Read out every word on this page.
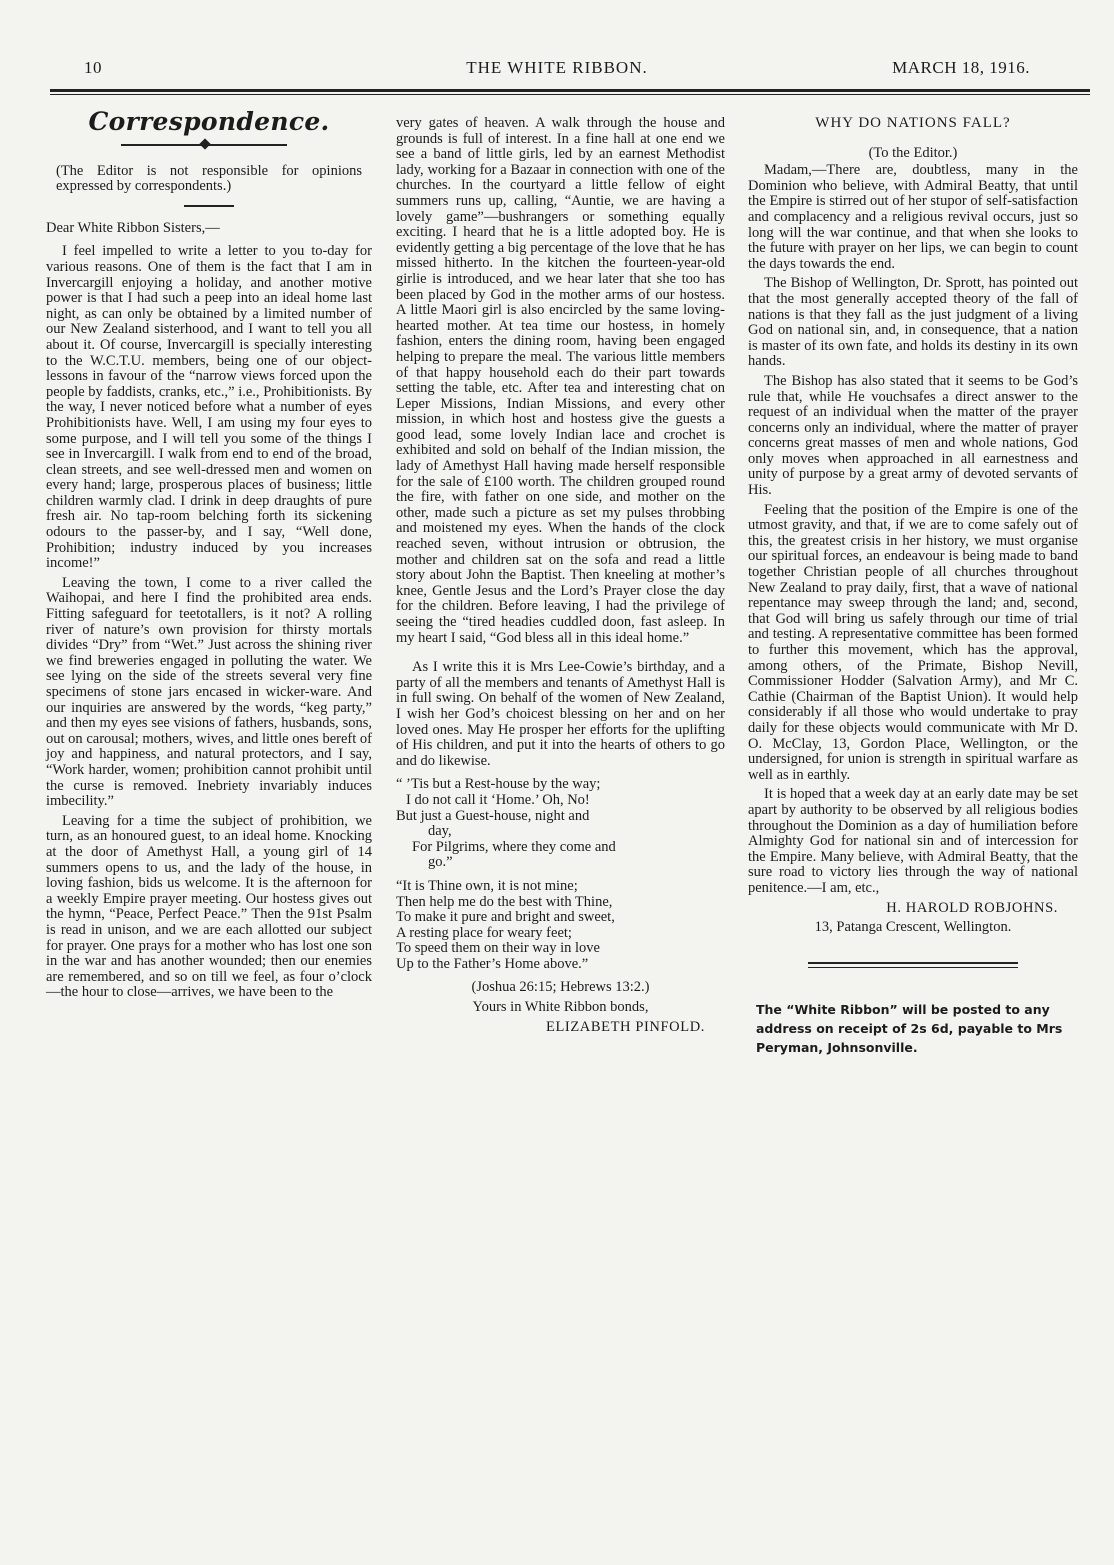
10	THE WHITE RIBBON.	MARCH 18, 1916.
Correspondence.

(The Editor is not responsible for opinions expressed by correspondents.)

Dear White Ribbon Sisters,—

I feel impelled to write a letter to you to-day for various reasons. One of them is the fact that I am in Invercargill enjoying a holiday, and another motive power is that I had such a peep into an ideal home last night, as can only be obtained by a limited number of our New Zealand sisterhood, and I want to tell you all about it. Of course, Invercargill is specially interesting to the W.C.T.U. members, being one of our object-lessons in favour of the “narrow views forced upon the people by faddists, cranks, etc.,” i.e., Prohibitionists. By the way, I never noticed before what a number of eyes Prohibitionists have. Well, I am using my four eyes to some purpose, and I will tell you some of the things I see in Invercargill. I walk from end to end of the broad, clean streets, and see well-dressed men and women on every hand; large, prosperous places of business; little children warmly clad. I drink in deep draughts of pure fresh air. No tap-room belching forth its sickening odours to the passer-by, and I say, “Well done, Prohibition; industry induced by you increases income!”

Leaving the town, I come to a river called the Waihopai, and here I find the prohibited area ends. Fitting safeguard for teetotallers, is it not? A rolling river of nature’s own provision for thirsty mortals divides “Dry” from “Wet.” Just across the shining river we find breweries engaged in polluting the water. We see lying on the side of the streets several very fine specimens of stone jars encased in wicker-ware. And our inquiries are answered by the words, “keg party,” and then my eyes see visions of fathers, husbands, sons, out on carousal; mothers, wives, and little ones bereft of joy and happiness, and natural protectors, and I say, “Work harder, women; prohibition cannot prohibit until the curse is removed. Inebriety invariably induces imbecility.”

Leaving for a time the subject of prohibition, we turn, as an honoured guest, to an ideal home. Knocking at the door of Amethyst Hall, a young girl of 14 summers opens to us, and the lady of the house, in loving fashion, bids us welcome. It is the afternoon for a weekly Empire prayer meeting. Our hostess gives out the hymn, “Peace, Perfect Peace.” Then the 91st Psalm is read in unison, and we are each allotted our subject for prayer. One prays for a mother who has lost one son in the war and has another wounded; then our enemies are remembered, and so on till we feel, as four o’clock—the hour to close—arrives, we have been to the

very gates of heaven. A walk through the house and grounds is full of interest. In a fine hall at one end we see a band of little girls, led by an earnest Methodist lady, working for a Bazaar in connection with one of the churches. In the courtyard a little fellow of eight summers runs up, calling, “Auntie, we are having a lovely game”—bushrangers or something equally exciting. I heard that he is a little adopted boy. He is evidently getting a big percentage of the love that he has missed hitherto. In the kitchen the fourteen-year-old girlie is introduced, and we hear later that she too has been placed by God in the mother arms of our hostess. A little Maori girl is also encircled by the same loving-hearted mother. At tea time our hostess, in homely fashion, enters the dining room, having been engaged helping to prepare the meal. The various little members of that happy household each do their part towards setting the table, etc. After tea and interesting chat on Leper Missions, Indian Missions, and every other mission, in which host and hostess give the guests a good lead, some lovely Indian lace and crochet is exhibited and sold on behalf of the Indian mission, the lady of Amethyst Hall having made herself responsible for the sale of £100 worth. The children grouped round the fire, with father on one side, and mother on the other, made such a picture as set my pulses throbbing and moistened my eyes. When the hands of the clock reached seven, without intrusion or obtrusion, the mother and children sat on the sofa and read a little story about John the Baptist. Then kneeling at mother’s knee, Gentle Jesus and the Lord’s Prayer close the day for the children. Before leaving, I had the privilege of seeing the “tired headies cuddled doon, fast asleep. In my heart I said, “God bless all in this ideal home.”

As I write this it is Mrs Lee-Cowie’s birthday, and a party of all the members and tenants of Amethyst Hall is in full swing. On behalf of the women of New Zealand, I wish her God’s choicest blessing on her and on her loved ones. May He prosper her efforts for the uplifting of His children, and put it into the hearts of others to go and do likewise.

“ ’Tis but a Rest-house by the way;
I do not call it ‘Home.’ Oh, No!
But just a Guest-house, night and
day,
For Pilgrims, where they come and
go.”
“It is Thine own, it is not mine;
Then help me do the best with Thine,
To make it pure and bright and sweet,
A resting place for weary feet;
To speed them on their way in love
Up to the Father’s Home above.”

(Joshua 26:15; Hebrews 13:2.)

Yours in White Ribbon bonds,

ELIZABETH PINFOLD.

WHY DO NATIONS FALL?
(To the Editor.)

Madam,—There are, doubtless, many in the Dominion who believe, with Admiral Beatty, that until the Empire is stirred out of her stupor of self-satisfaction and complacency and a religious revival occurs, just so long will the war continue, and that when she looks to the future with prayer on her lips, we can begin to count the days towards the end.

The Bishop of Wellington, Dr. Sprott, has pointed out that the most generally accepted theory of the fall of nations is that they fall as the just judgment of a living God on national sin, and, in consequence, that a nation is master of its own fate, and holds its destiny in its own hands.

The Bishop has also stated that it seems to be God’s rule that, while He vouchsafes a direct answer to the request of an individual when the matter of the prayer concerns only an individual, where the matter of prayer concerns great masses of men and whole nations, God only moves when approached in all earnestness and unity of purpose by a great army of devoted servants of His.

Feeling that the position of the Empire is one of the utmost gravity, and that, if we are to come safely out of this, the greatest crisis in her history, we must organise our spiritual forces, an endeavour is being made to band together Christian people of all churches throughout New Zealand to pray daily, first, that a wave of national repentance may sweep through the land; and, second, that God will bring us safely through our time of trial and testing. A representative committee has been formed to further this movement, which has the approval, among others, of the Primate, Bishop Nevill, Commissioner Hodder (Salvation Army), and Mr C. Cathie (Chairman of the Baptist Union). It would help considerably if all those who would undertake to pray daily for these objects would communicate with Mr D. O. McClay, 13, Gordon Place, Wellington, or the undersigned, for union is strength in spiritual warfare as well as in earthly.

It is hoped that a week day at an early date may be set apart by authority to be observed by all religious bodies throughout the Dominion as a day of humiliation before Almighty God for national sin and of intercession for the Empire. Many believe, with Admiral Beatty, that the sure road to victory lies through the way of national penitence.—I am, etc.,

H. HAROLD ROBJOHNS.

13, Patanga Crescent, Wellington.

The “White Ribbon” will be posted to any address on receipt of 2s 6d, payable to Mrs Peryman, Johnsonville.
